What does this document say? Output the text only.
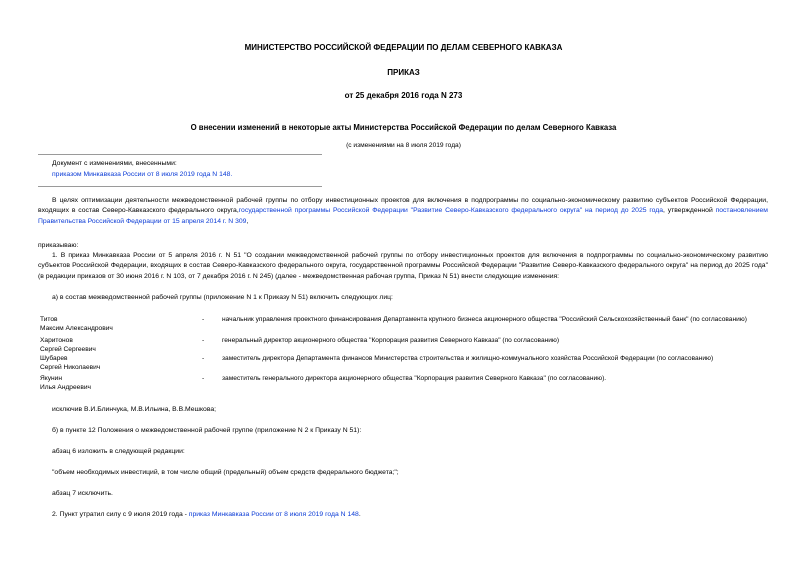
МИНИСТЕРСТВО РОССИЙСКОЙ ФЕДЕРАЦИИ ПО ДЕЛАМ СЕВЕРНОГО КАВКАЗА
ПРИКАЗ
от 25 декабря 2016 года N 273
О внесении изменений в некоторые акты Министерства Российской Федерации по делам Северного Кавказа
(с изменениями на 8 июля 2019 года)
Документ с изменениями, внесенными:
приказом Минкавказа России от 8 июля 2019 года N 148.
В целях оптимизации деятельности межведомственной рабочей группы по отбору инвестиционных проектов для включения в подпрограммы по социально-экономическому развитию субъектов Российской Федерации, входящих в состав Северо-Кавказского федерального округа,государственной программы Российской Федерации "Развитие Северо-Кавказского федерального округа" на период до 2025 года, утвержденной постановлением Правительства Российской Федерации от 15 апреля 2014 г. N 309,
приказываю:
1. В приказ Минкавказа России от 5 апреля 2016 г. N 51 "О создании межведомственной рабочей группы по отбору инвестиционных проектов для включения в подпрограммы по социально-экономическому развитию субъектов Российской Федерации, входящих в состав Северо-Кавказского федерального округа, государственной программы Российской Федерации "Развитие Северо-Кавказского федерального округа" на период до 2025 года" (в редакции приказов от 30 июня 2016 г. N 103, от 7 декабря 2016 г. N 245) (далее - межведомственная рабочая группа, Приказ N 51) внести следующие изменения:
а) в состав межведомственной рабочей группы (приложение N 1 к Приказу N 51) включить следующих лиц:
Титов
Максим Александрович
-	начальник управления проектного финансирования Департамента крупного бизнеса акционерного общества "Российский Сельскохозяйственный банк" (по согласованию)
Харитонов
Сергей Сергеевич
-	генеральный директор акционерного общества "Корпорация развития Северного Кавказа" (по согласованию)
Шубарев
Сергей Николаевич
-	заместитель директора Департамента финансов Министерства строительства и жилищно-коммунального хозяйства Российской Федерации (по согласованию)
Якунин
Илья Андреевич
-	заместитель генерального директора акционерного общества "Корпорация развития Северного Кавказа" (по согласованию).
исключив В.И.Блинчука, М.В.Ильина, В.В.Мешкова;
б) в пункте 12 Положения о межведомственной рабочей группе (приложение N 2 к Приказу N 51):
абзац 6 изложить в следующей редакции:
"объем необходимых инвестиций, в том числе общий (предельный) объем средств федерального бюджета;";
абзац 7 исключить.
2. Пункт утратил силу с 9 июля 2019 года - приказ Минкавказа России от 8 июля 2019 года N 148.
